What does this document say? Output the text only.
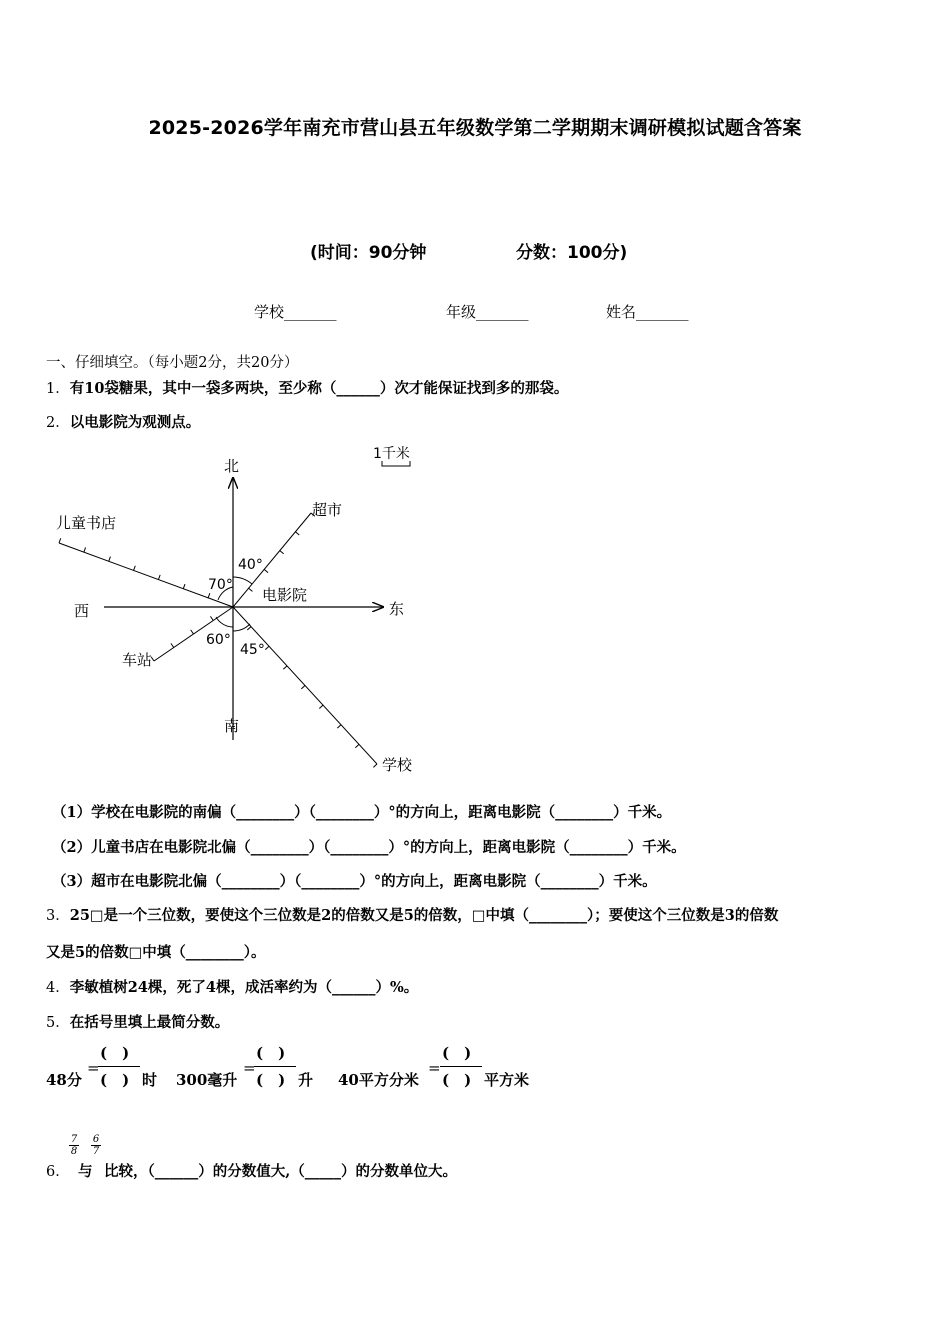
2025-2026学年南充市营山县五年级数学第二学期期末调研模拟试题含答案
(时间：90分钟	分数：100分)
学校_______	年级_______	姓名_______
一、仔细填空。（每小题2分，共20分）
1．有10袋糖果，其中一袋多两块，至少称（______）次才能保证找到多的那袋。
2．以电影院为观测点。
北
南
东
西
电影院
超市
儿童书店
车站
学校
1千米
40°
70°
60°
45°
（1）学校在电影院的南偏（________）（________）°的方向上，距离电影院（________）千米。
（2）儿童书店在电影院北偏（________）（________）°的方向上，距离电影院（________）千米。
（3）超市在电影院北偏（________）（________）°的方向上，距离电影院（________）千米。
3．25□是一个三位数，要使这个三位数是2的倍数又是5的倍数，□中填（________）；要使这个三位数是3的倍数
又是5的倍数□中填（________）。
4．李敏植树24棵，死了4棵，成活率约为（______）%。
5．在括号里填上最简分数。
48分
=
(　)
(　) 时 300毫升
=
(　)
(　) 升 40平方分米
=
(　)
(　) 平方米
6．
$\frac{7}{8}$
与
$\frac{6}{7}$
比较，（______）的分数值大,（_____）的分数单位大。
